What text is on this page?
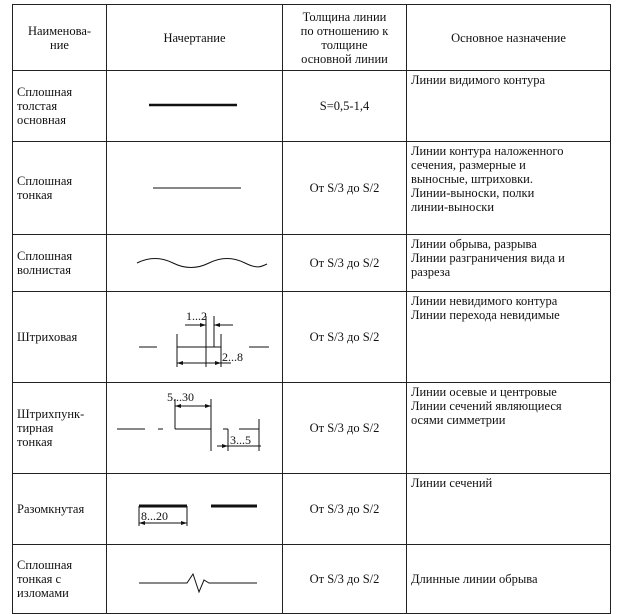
Наименова-
ние	Начертание	Толщина линии
по отношению к
толщине
основной линии	Основное назначение
Сплошная
толстая
основная		S=0,5-1,4	Линии видимого контура
Сплошная
тонкая		От S/3 до S/2	Линии контура наложенного
сечения, размерные и
выносные, штриховки.
Линии-выноски, полки
линии-выноски
Сплошная
волнистая		От S/3 до S/2	Линии обрыва, разрыва
Линии разграничения вида и
разреза
Штриховая	1...2
2...8	От S/3 до S/2	Линии невидимого контура
Линии перехода невидимые
Штрихпунк-
тирная
тонкая	5...30
3...5	От S/3 до S/2	Линии осевые и центровые
Линии сечений являющиеся
осями симметрии
Разомкнутая	8...20	От S/3 до S/2	Линии сечений
Сплошная
тонкая с
изломами		От S/3 до S/2	Длинные линии обрыва
